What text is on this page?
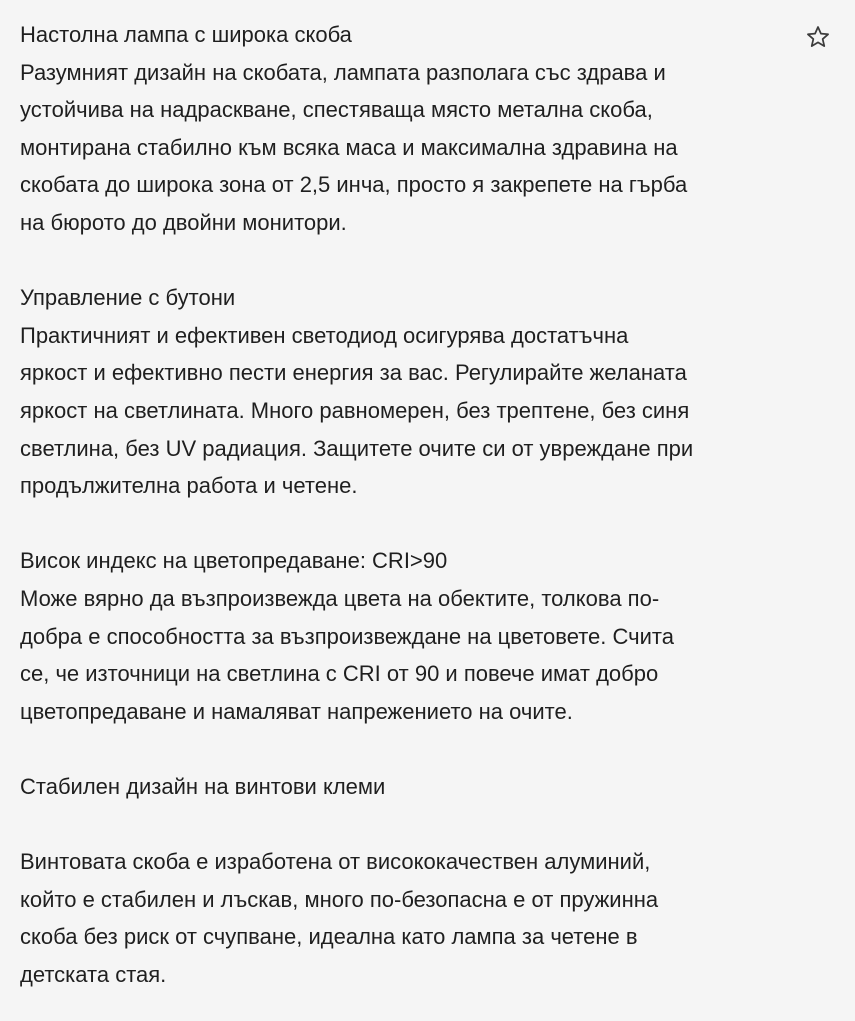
Настолна лампа с широка скоба
Разумният дизайн на скобата, лампата разполага със здрава и
устойчива на надраскване, спестяваща място метална скоба,
монтирана стабилно към всяка маса и максимална здравина на
скобата до широка зона от 2,5 инча, просто я закрепете на гърба
на бюрото до двойни монитори.
Управление с бутони
Практичният и ефективен светодиод осигурява достатъчна
яркост и ефективно пести енергия за вас. Регулирайте желаната
яркост на светлината. Много равномерен, без трептене, без синя
светлина, без UV радиация. Защитете очите си от увреждане при
продължителна работа и четене.
Висок индекс на цветопредаване: CRI>90
Може вярно да възпроизвежда цвета на обектите, толкова по-
добра е способността за възпроизвеждане на цветовете. Счита
се, че източници на светлина с CRI от 90 и повече имат добро
цветопредаване и намаляват напрежението на очите.
Стабилен дизайн на винтови клеми
Винтовата скоба е изработена от висококачествен алуминий,
който е стабилен и лъскав, много по-безопасна е от пружинна
скоба без риск от счупване, идеална като лампа за четене в
детската стая.
